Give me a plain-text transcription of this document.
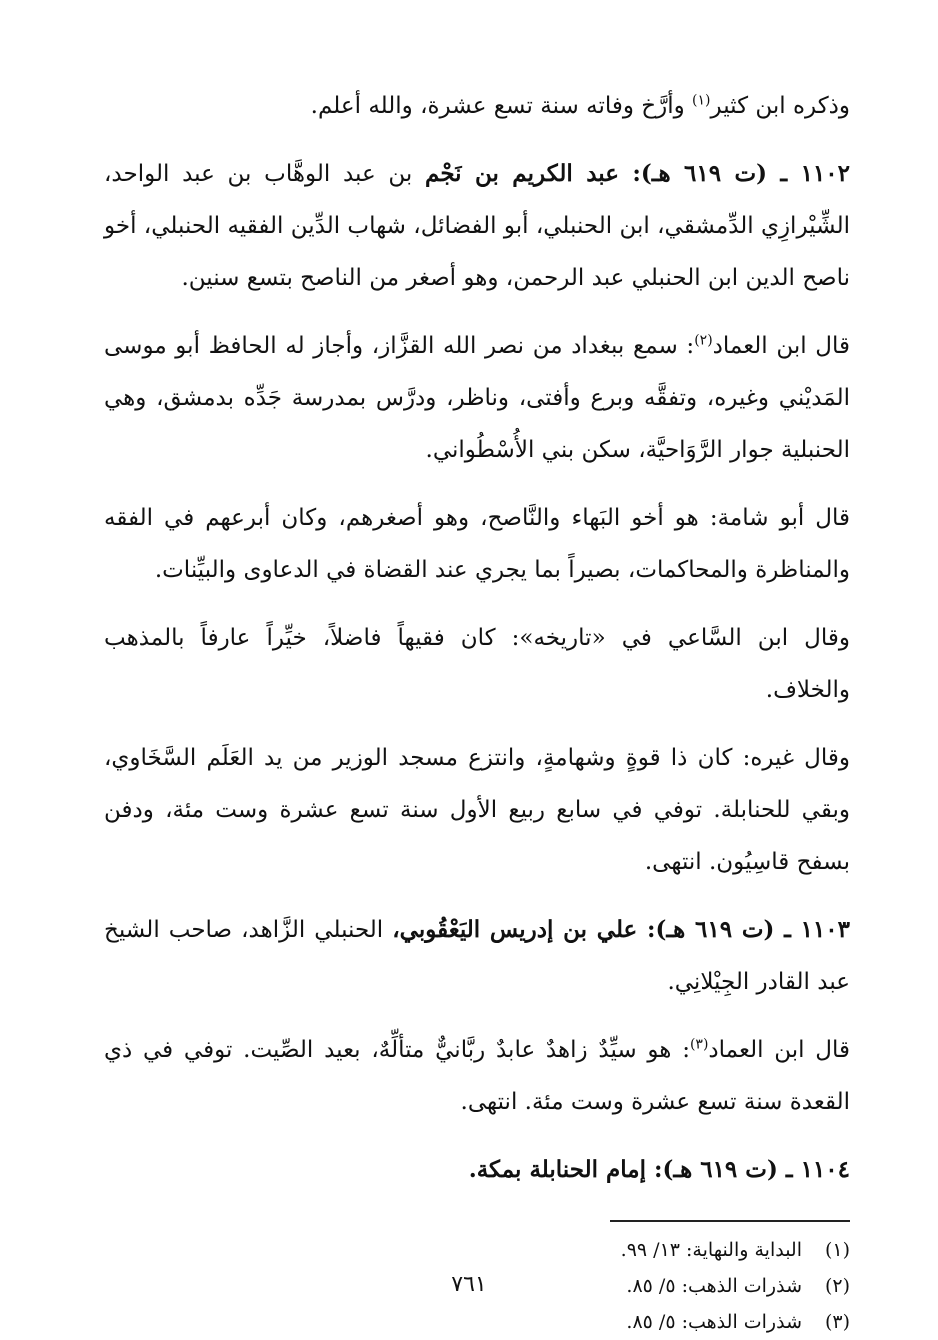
وذكره ابن كثير$^{(١)}$ وأرَّخ وفاته سنة تسع عشرة، والله أعلم.

١١٠٢ ـ (ت ٦١٩ هـ): عبد الكريم بن نَجْم بن عبد الوهَّاب بن عبد الواحد، الشِّيْرازِي الدِّمشقي، ابن الحنبلي، أبو الفضائل، شهاب الدِّين الفقيه الحنبلي، أخو ناصح الدين ابن الحنبلي عبد الرحمن، وهو أصغر من الناصح بتسع سنين.

قال ابن العماد$^{(٢)}$: سمع ببغداد من نصر الله القزَّاز، وأجاز له الحافظ أبو موسى المَديْني وغيره، وتفقَّه وبرع وأفتى، وناظر، ودرَّس بمدرسة جَدِّه بدمشق، وهي الحنبلية جوار الرَّوَاحيَّة، سكن بني الأُسْطُواني.

قال أبو شامة: هو أخو البَهاء والنَّاصح، وهو أصغرهم، وكان أبرعهم في الفقه والمناظرة والمحاكمات، بصيراً بما يجري عند القضاة في الدعاوى والبيِّنات.

وقال ابن السَّاعي في «تاريخه»: كان فقيهاً فاضلاً، خيِّراً عارفاً بالمذهب والخلاف.

وقال غيره: كان ذا قوةٍ وشهامةٍ، وانتزع مسجد الوزير من يد العَلَم السَّخَاوي، وبقي للحنابلة. توفي في سابع ربيع الأول سنة تسع عشرة وست مئة، ودفن بسفح قاسِيُون. انتهى.

١١٠٣ ـ (ت ٦١٩ هـ): علي بن إدريس اليَعْقُوبي، الحنبلي الزَّاهد، صاحب الشيخ عبد القادر الجِيْلانِي.

قال ابن العماد$^{(٣)}$: هو سيِّدٌ زاهدٌ عابدٌ ربَّانيٌّ متألِّهٌ، بعيد الصِّيت. توفي في ذي القعدة سنة تسع عشرة وست مئة. انتهى.

١١٠٤ ـ (ت ٦١٩ هـ): إمام الحنابلة بمكة.

(١)
البداية والنهاية: ١٣/ ٩٩.
(٢)
شذرات الذهب: ٥/ ٨٥.
(٣)
شذرات الذهب: ٥/ ٨٥.
٧٦١
